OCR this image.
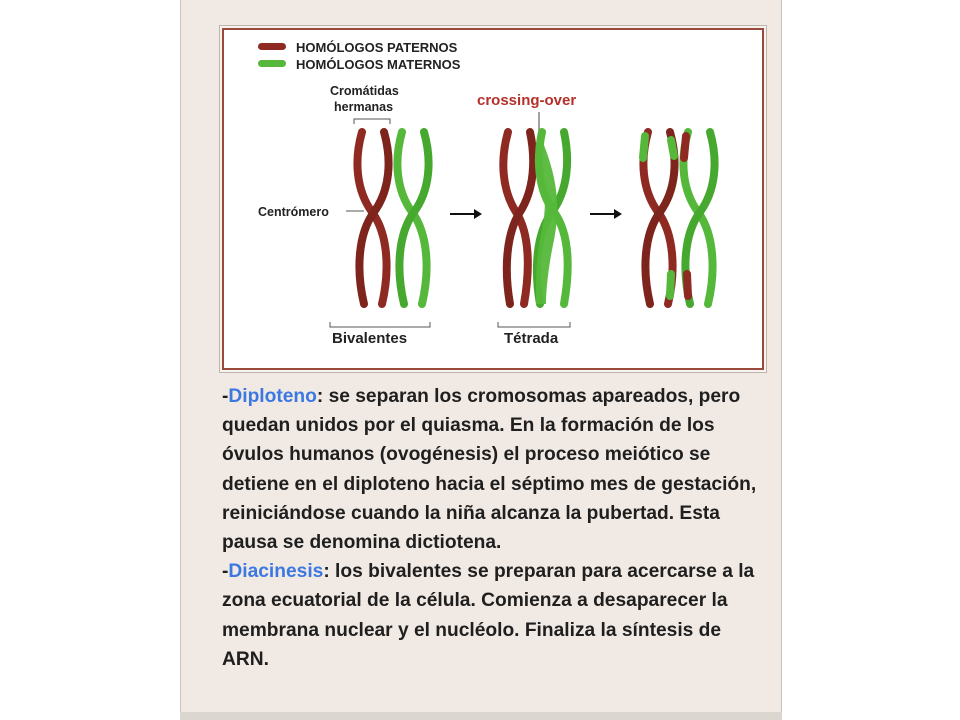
HOMÓLOGOS PATERNOS
HOMÓLOGOS MATERNOS
Cromátidas
hermanas
Centrómero
crossing-over
Bivalentes	Tétrada

-Diploteno: se separan los cromosomas apareados, pero quedan unidos por el quiasma. En la formación de los óvulos humanos (ovogénesis) el proceso meiótico se detiene en el diploteno hacia el séptimo mes de gestación, reiniciándose cuando la niña alcanza la pubertad. Esta pausa se denomina dictiotena.

-Diacinesis: los bivalentes se preparan para acercarse a la zona ecuatorial de la célula. Comienza a desaparecer la membrana nuclear y el nucléolo. Finaliza la síntesis de ARN.
